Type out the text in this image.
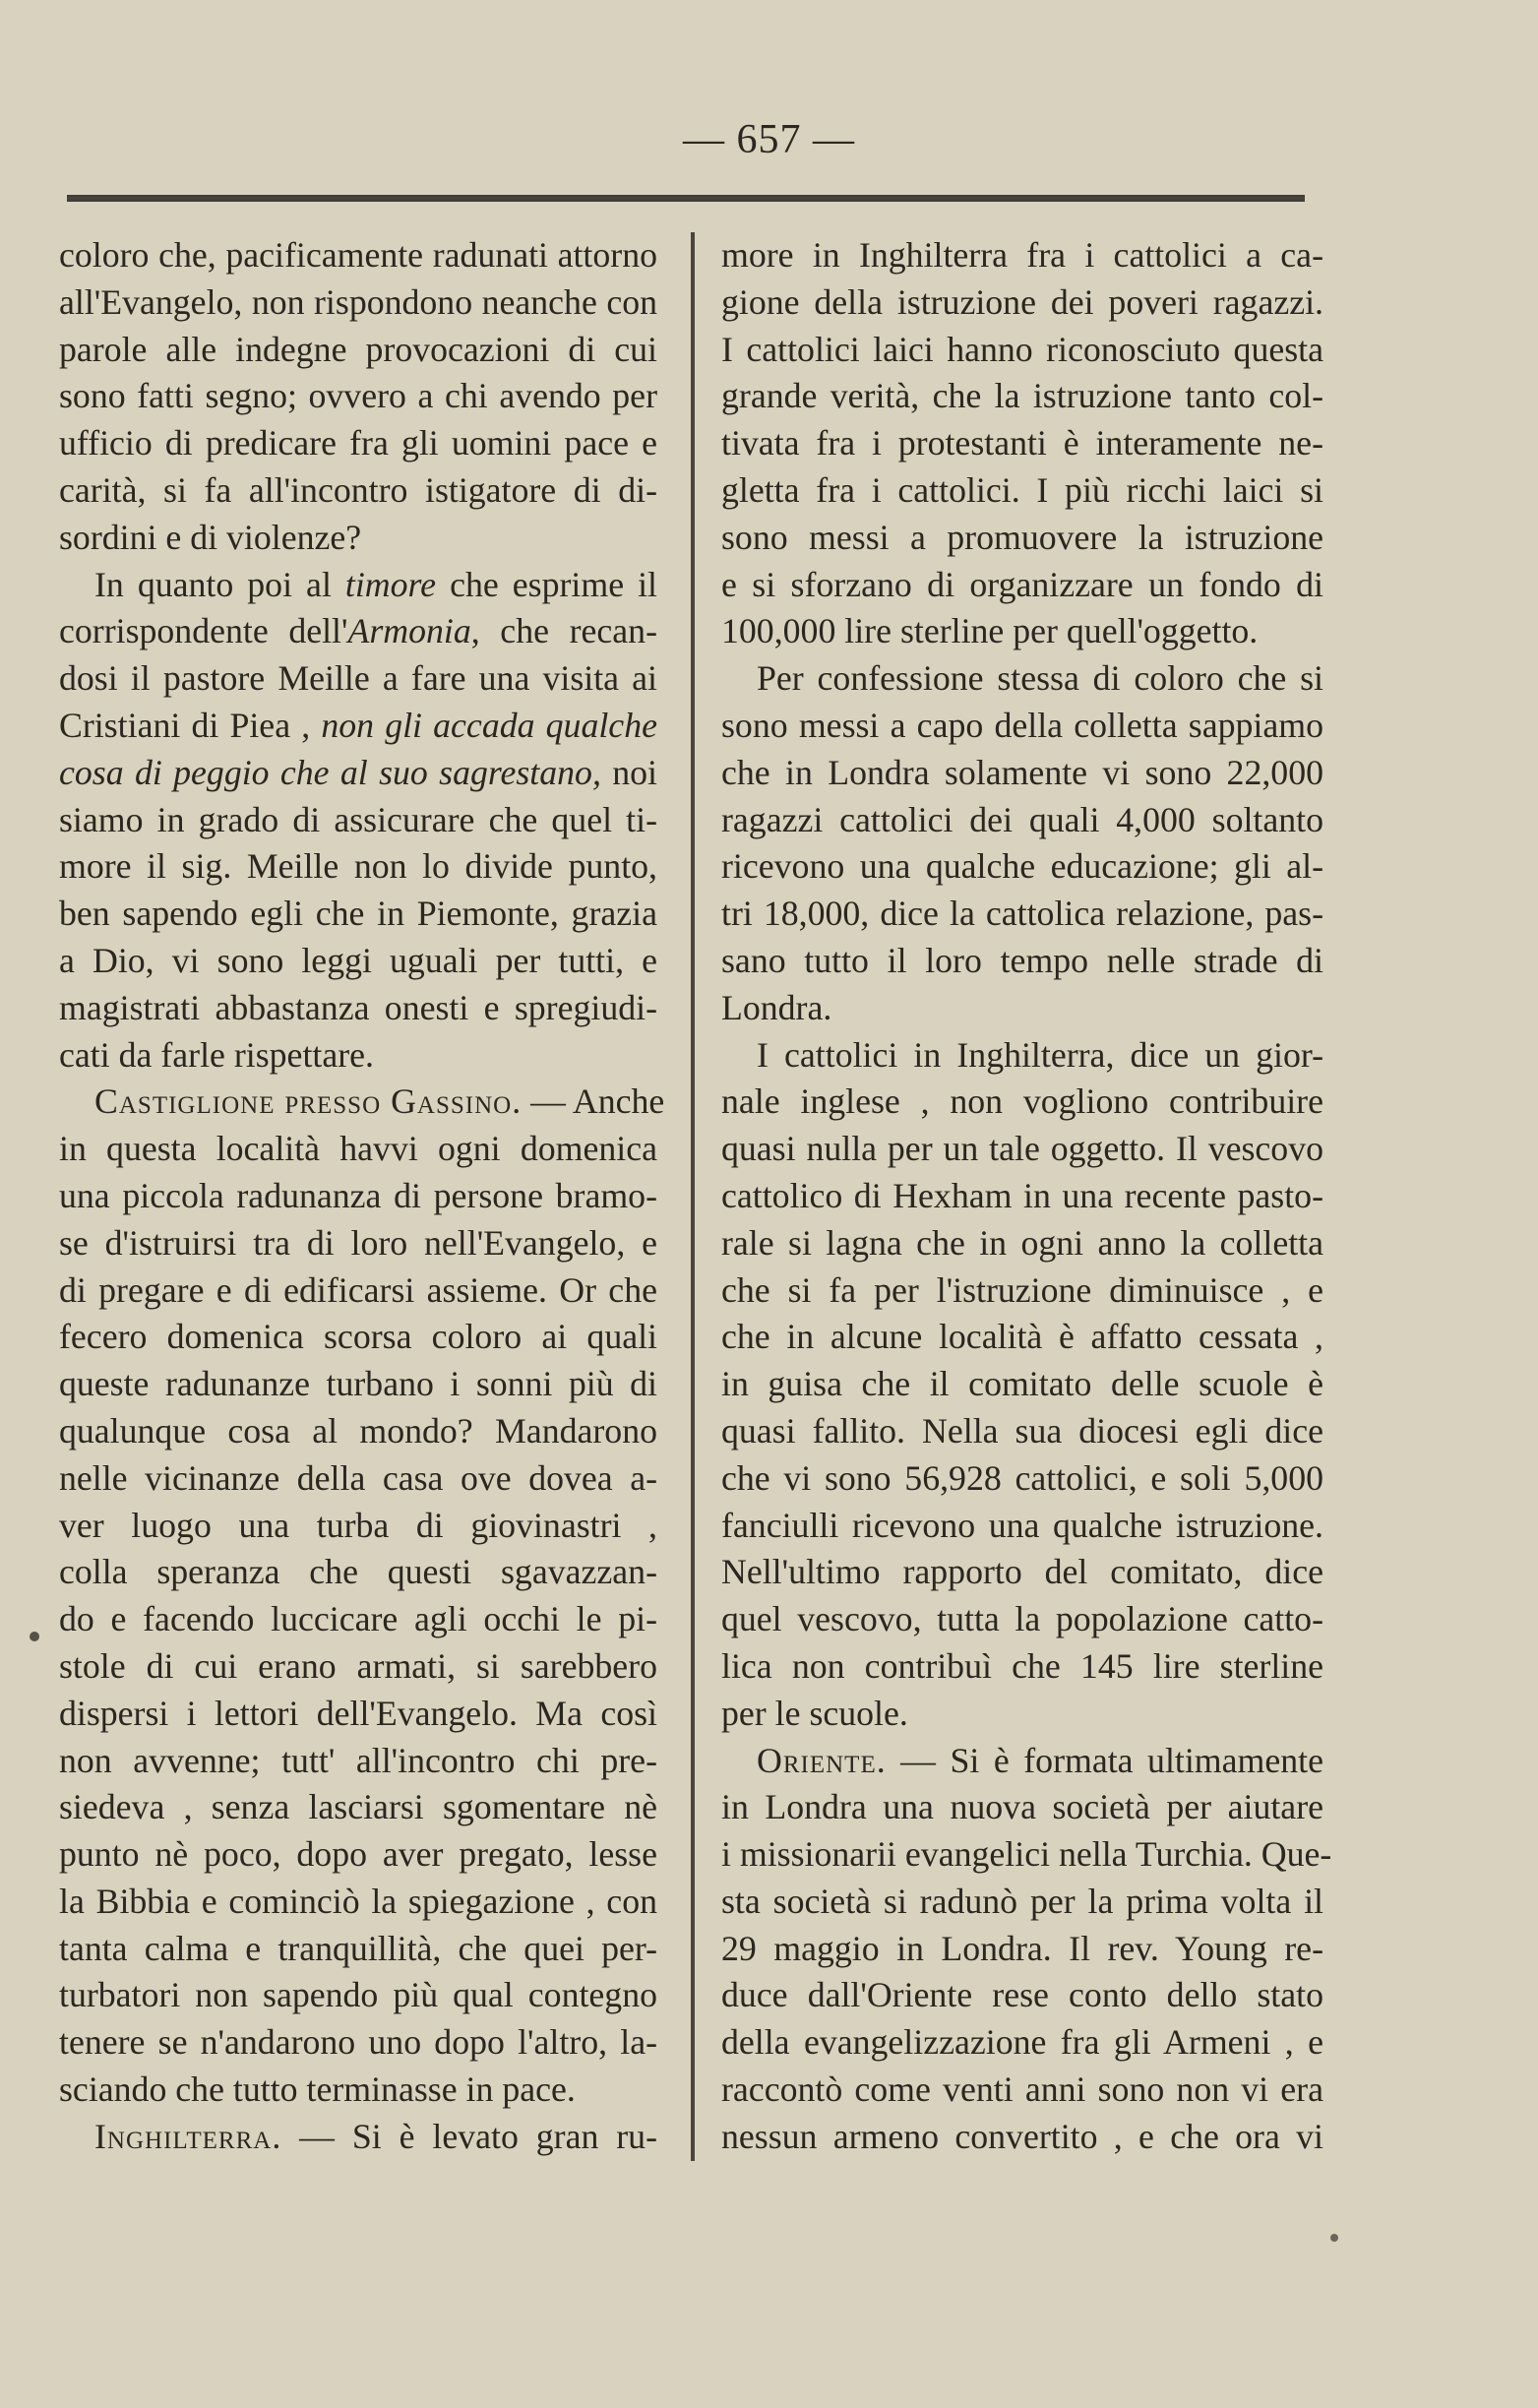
— 657 —

coloro che, pacificamente radunati attorno
all'Evangelo, non rispondono neanche con
parole alle indegne provocazioni di cui
sono fatti segno; ovvero a chi avendo per
ufficio di predicare fra gli uomini pace e
carità, si fa all'incontro istigatore di di-
sordini e di violenze?

In quanto poi al timore che esprime il
corrispondente dell'Armonia, che recan-
dosi il pastore Meille a fare una visita ai
Cristiani di Piea , non gli accada qualche
cosa di peggio che al suo sagrestano, noi
siamo in grado di assicurare che quel ti-
more il sig. Meille non lo divide punto,
ben sapendo egli che in Piemonte, grazia
a Dio, vi sono leggi uguali per tutti, e
magistrati abbastanza onesti e spregiudi-
cati da farle rispettare.

Castiglione presso Gassino. — Anche
in questa località havvi ogni domenica
una piccola radunanza di persone bramo-
se d'istruirsi tra di loro nell'Evangelo, e
di pregare e di edificarsi assieme. Or che
fecero domenica scorsa coloro ai quali
queste radunanze turbano i sonni più di
qualunque cosa al mondo? Mandarono
nelle vicinanze della casa ove dovea a-
ver luogo una turba di giovinastri ,
colla speranza che questi sgavazzan-
do e facendo luccicare agli occhi le pi-
stole di cui erano armati, si sarebbero
dispersi i lettori dell'Evangelo. Ma così
non avvenne; tutt' all'incontro chi pre-
siedeva , senza lasciarsi sgomentare nè
punto nè poco, dopo aver pregato, lesse
la Bibbia e cominciò la spiegazione , con
tanta calma e tranquillità, che quei per-
turbatori non sapendo più qual contegno
tenere se n'andarono uno dopo l'altro, la-
sciando che tutto terminasse in pace.

Inghilterra. — Si è levato gran ru-

more in Inghilterra fra i cattolici a ca-
gione della istruzione dei poveri ragazzi.
I cattolici laici hanno riconosciuto questa
grande verità, che la istruzione tanto col-
tivata fra i protestanti è interamente ne-
gletta fra i cattolici. I più ricchi laici si
sono messi a promuovere la istruzione
e si sforzano di organizzare un fondo di
100,000 lire sterline per quell'oggetto.

Per confessione stessa di coloro che si
sono messi a capo della colletta sappiamo
che in Londra solamente vi sono 22,000
ragazzi cattolici dei quali 4,000 soltanto
ricevono una qualche educazione; gli al-
tri 18,000, dice la cattolica relazione, pas-
sano tutto il loro tempo nelle strade di
Londra.

I cattolici in Inghilterra, dice un gior-
nale inglese , non vogliono contribuire
quasi nulla per un tale oggetto. Il vescovo
cattolico di Hexham in una recente pasto-
rale si lagna che in ogni anno la colletta
che si fa per l'istruzione diminuisce , e
che in alcune località è affatto cessata ,
in guisa che il comitato delle scuole è
quasi fallito. Nella sua diocesi egli dice
che vi sono 56,928 cattolici, e soli 5,000
fanciulli ricevono una qualche istruzione.
Nell'ultimo rapporto del comitato, dice
quel vescovo, tutta la popolazione catto-
lica non contribuì che 145 lire sterline
per le scuole.

Oriente. — Si è formata ultimamente
in Londra una nuova società per aiutare
i missionarii evangelici nella Turchia. Que-
sta società si radunò per la prima volta il
29 maggio in Londra. Il rev. Young re-
duce dall'Oriente rese conto dello stato
della evangelizzazione fra gli Armeni , e
raccontò come venti anni sono non vi era
nessun armeno convertito , e che ora vi
